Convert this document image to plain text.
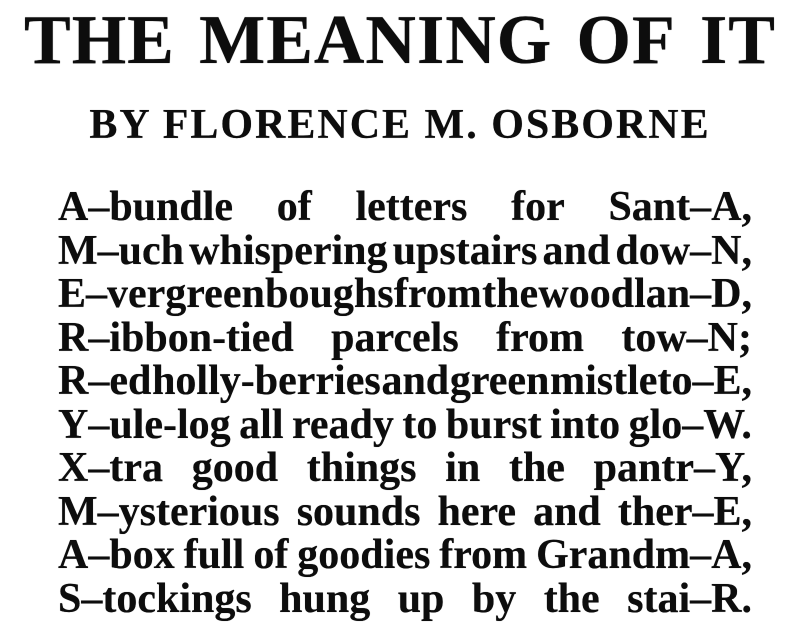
THE MEANING OF IT
BY FLORENCE M. OSBORNE
A–bundle of letters for Sant–A,
M–uch whispering upstairs and dow–N,
E–vergreen boughs from the woodlan–D,
R–ibbon-tied parcels from tow–N;
R–ed holly-berries and green mistleto–E,
Y–ule-log all ready to burst into glo–W.
X–tra good things in the pantr–Y,
M–ysterious sounds here and ther–E,
A–box full of goodies from Grandm–A,
S–tockings hung up by the stai–R.
